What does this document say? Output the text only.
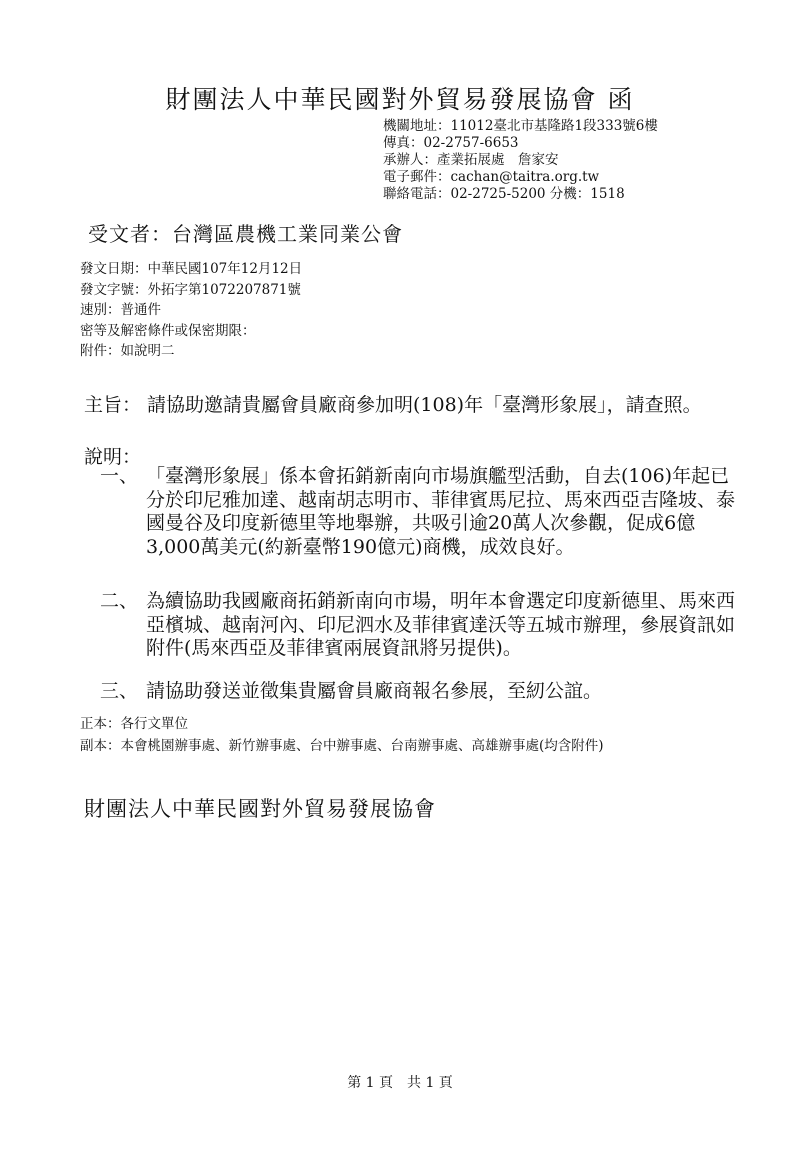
財團法人中華民國對外貿易發展協會 函
機關地址：11012臺北市基隆路1段333號6樓
傳真：02-2757-6653
承辦人：產業拓展處　詹家安
電子郵件：cachan@taitra.org.tw
聯絡電話：02-2725-5200 分機：1518
受文者：台灣區農機工業同業公會
發文日期：中華民國107年12月12日
發文字號：外拓字第1072207871號
速別：普通件
密等及解密條件或保密期限：
附件：如說明二
主旨： 請協助邀請貴屬會員廠商參加明(108)年「臺灣形象展」，請查照。
說明：
一、 「臺灣形象展」係本會拓銷新南向市場旗艦型活動，自去(106)年起已分於印尼雅加達、越南胡志明市、菲律賓馬尼拉、馬來西亞吉隆坡、泰國曼谷及印度新德里等地舉辦，共吸引逾20萬人次參觀，促成6億3,000萬美元(約新臺幣190億元)商機，成效良好。
二、 為續協助我國廠商拓銷新南向市場，明年本會選定印度新德里、馬來西亞檳城、越南河內、印尼泗水及菲律賓達沃等五城市辦理，參展資訊如附件(馬來西亞及菲律賓兩展資訊將另提供)。
三、 請協助發送並徵集貴屬會員廠商報名參展，至紉公誼。
正本：各行文單位
副本：本會桃園辦事處、新竹辦事處、台中辦事處、台南辦事處、高雄辦事處(均含附件)
財團法人中華民國對外貿易發展協會
第 1 頁　共 1 頁
